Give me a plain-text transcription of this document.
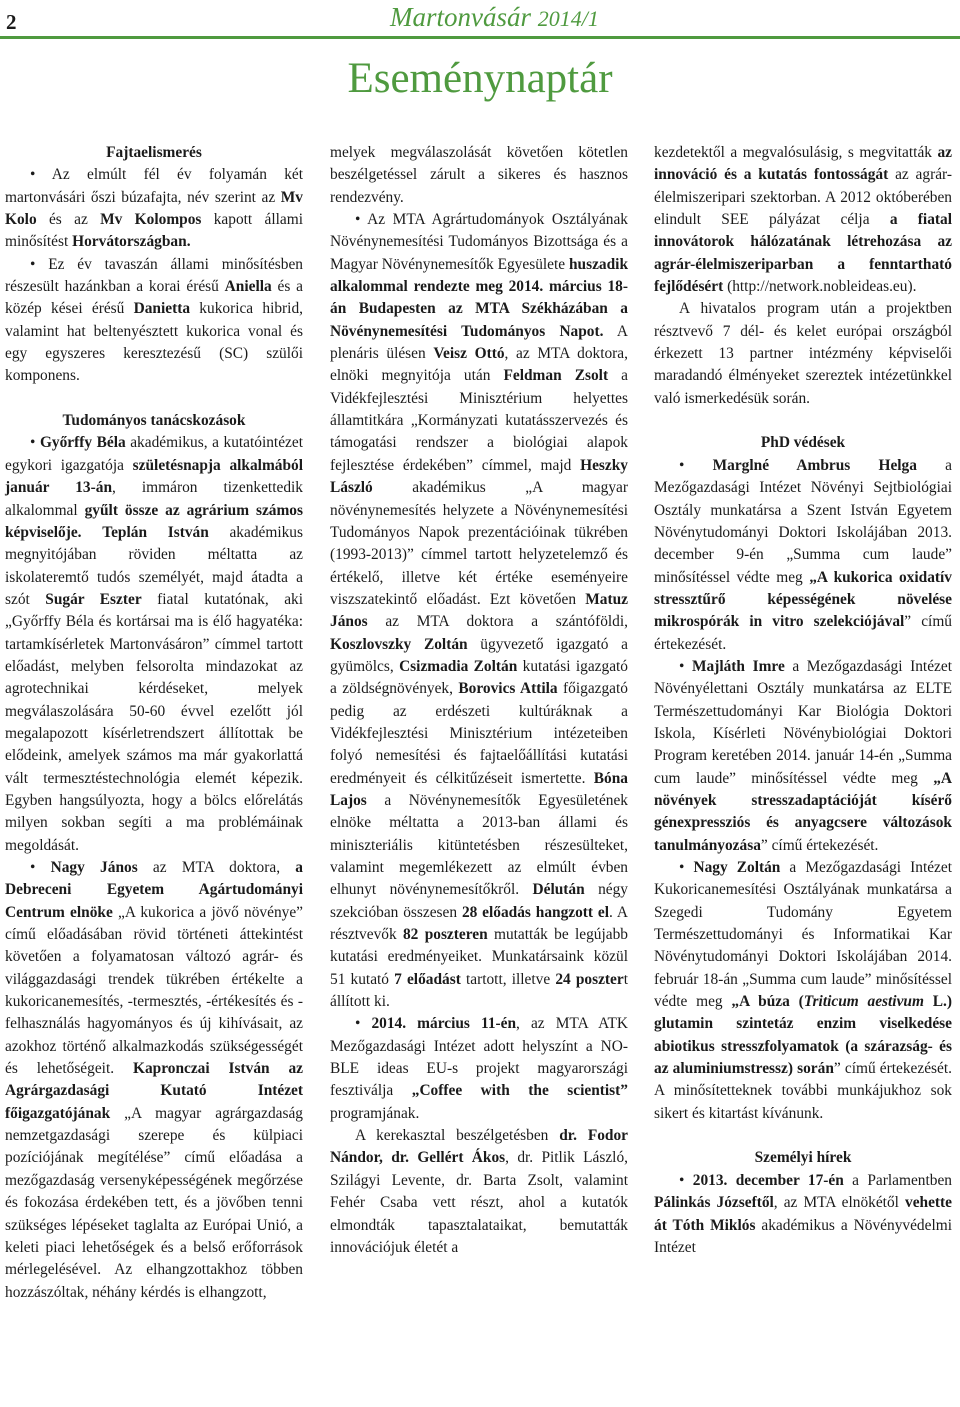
2	Martonvásár 2014/1
Eseménynaptár
Fajtaelismerés

• Az elmúlt fél év folyamán két martonvásári őszi búzafajta, név szerint az Mv Kolo és az Mv Kolompos kapott állami minősítést Horvátországban.

• Ez év tavaszán állami minősítésben részesült hazánkban a korai érésű Aniella és a közép kései érésű Danietta kukorica hibrid, valamint hat beltenyésztett kukorica vonal és egy egyszeres keresztezésű (SC) szülői komponens.

Tudományos tanácskozások

• Győrffy Béla akadémikus, a kutatóintézet egykori igazgatója születésnapja alkalmából január 13-án, immáron tizenkettedik alkalommal gyűlt össze az agrárium számos képviselője. Teplán István akadémikus megnyitójában röviden méltatta az iskolateremtő tudós személyét, majd átadta a szót Sugár Eszter fiatal kutatónak, aki „Győrffy Béla és kortársai ma is élő hagyatéka: tartamkísérletek Martonvásáron” címmel tartott előadást, melyben felsorolta mindazokat az agrotechnikai kérdéseket, melyek megválaszolására 50-60 évvel ezelőtt jól megalapozott kísérletrendszert állítottak be elődeink, amelyek számos ma már gyakorlattá vált termesztéstechnológia elemét képezik. Egyben hangsúlyozta, hogy a bölcs előrelátás milyen sokban segíti a ma problémáinak megoldását.

• Nagy János az MTA doktora, a Debreceni Egyetem Agártudományi Centrum elnöke „A kukorica a jövő növénye” című előadásában rövid történeti áttekintést követően a folyamatosan változó agrár- és világgazdasági trendek tükrében értékelte a kukoricanemesítés, -termesztés, -értékesítés és -felhasználás hagyományos és új kihívásait, az azokhoz történő alkalmazkodás szükségességét és lehetőségeit. Kapronczai István az Agrárgazdasági Kutató Intézet főigazgatójának „A magyar agrárgazdaság nemzetgazdasági szerepe és külpiaci pozíciójának megítélése” című előadása a mezőgazdaság versenyképességének megőrzése és fokozása érdekében tett, és a jövőben tenni szükséges lépéseket taglalta az Európai Unió, a keleti piaci lehetőségek és a belső erőforrások mérlegelésével. Az elhangzottakhoz többen hozzászóltak, néhány kérdés is elhangzott,

melyek megválaszolását követően kötetlen beszélgetéssel zárult a sikeres és hasznos rendezvény.

• Az MTA Agrártudományok Osztályának Növénynemesítési Tudományos Bizottsága és a Magyar Növénynemesítők Egyesülete huszadik alkalommal rendezte meg 2014. március 18-án Budapesten az MTA Székházában a Növénynemesítési Tudományos Napot. A plenáris ülésen Veisz Ottó, az MTA doktora, elnöki megnyitója után Feldman Zsolt a Vidékfejlesztési Minisztérium helyettes államtitkára „Kormányzati kutatásszervezés és támogatási rendszer a biológiai alapok fejlesztése érdekében” címmel, majd Heszky László akadémikus „A magyar növénynemesítés helyzete a Növénynemesítési Tudományos Napok prezentációinak tükrében (1993-2013)” címmel tartott helyzetelemző és értékelő, illetve két értéke eseményeire viszszatekintő előadást. Ezt követően Matuz János az MTA doktora a szántóföldi, Koszlovszky Zoltán ügyvezető igazgató a gyümölcs, Csizmadia Zoltán kutatási igazgató a zöldségnövények, Borovics Attila főigazgató pedig az erdészeti kultúráknak a Vidékfejlesztési Minisztérium intézeteiben folyó nemesítési és fajtaelőállítási kutatási eredményeit és célkitűzéseit ismertette. Bóna Lajos a Növénynemesítők Egyesületének elnöke méltatta a 2013-ban állami és miniszteriális kitüntetésben részesülteket, valamint megemlékezett az elmúlt évben elhunyt növénynemesítőkről. Délután négy szekcióban összesen 28 előadás hangzott el. A résztvevők 82 poszteren mutatták be legújabb kutatási eredményeiket. Munkatársaink közül 51 kutató 7 előadást tartott, illetve 24 posztert állított ki.

• 2014. március 11-én, az MTA ATK Mezőgazdasági Intézet adott helyszínt a NO-BLE ideas EU-s projekt magyarországi fesztiválja „Coffee with the scientist” programjának.

A kerekasztal beszélgetésben dr. Fodor Nándor, dr. Gellért Ákos, dr. Pitlik László, Szilágyi Levente, dr. Barta Zsolt, valamint Fehér Csaba vett részt, ahol a kutatók elmondták tapasztalataikat, bemutatták innovációjuk életét a

kezdetektől a megvalósulásig, s megvitatták az innováció és a kutatás fontosságát az agrár-élelmiszeripari szektorban. A 2012 októberében elindult SEE pályázat célja a fiatal innovátorok hálózatának létrehozása az agrár-élelmiszeriparban a fenntartható fejlődésért (http://network.nobleideas.eu).

A hivatalos program után a projektben résztvevő 7 dél- és kelet európai országból érkezett 13 partner intézmény képviselői maradandó élményeket szereztek intézetünkkel való ismerkedésük során.

PhD védések

• Marglné Ambrus Helga a Mezőgazdasági Intézet Növényi Sejtbiológiai Osztály munkatársa a Szent István Egyetem Növénytudományi Doktori Iskolájában 2013. december 9-én „Summa cum laude” minősítéssel védte meg „A kukorica oxidatív stressztűrő képességének növelése mikrospórák in vitro szelekciójával” című értekezését.

• Majláth Imre a Mezőgazdasági Intézet Növényélettani Osztály munkatársa az ELTE Természettudományi Kar Biológia Doktori Iskola, Kísérleti Növénybiológiai Doktori Program keretében 2014. január 14-én „Summa cum laude” minősítéssel védte meg „A növények stresszadaptációját kísérő génexpressziós és anyagcsere változások tanulmányozása” című értekezését.

• Nagy Zoltán a Mezőgazdasági Intézet Kukoricanemesítési Osztályának munkatársa a Szegedi Tudomány Egyetem Természettudományi és Informatikai Kar Növénytudományi Doktori Iskolájában 2014. február 18-án „Summa cum laude” minősítéssel védte meg „A búza (Triticum aestivum L.) glutamin szintetáz enzim viselkedése abiotikus stresszfolyamatok (a szárazság- és az aluminiumstressz) során” című értekezését. A minősítetteknek további munkájukhoz sok sikert és kitartást kívánunk.

Személyi hírek

• 2013. december 17-én a Parlamentben Pálinkás Józseftől, az MTA elnökétől vehette át Tóth Miklós akadémikus a Növényvédelmi Intézet
